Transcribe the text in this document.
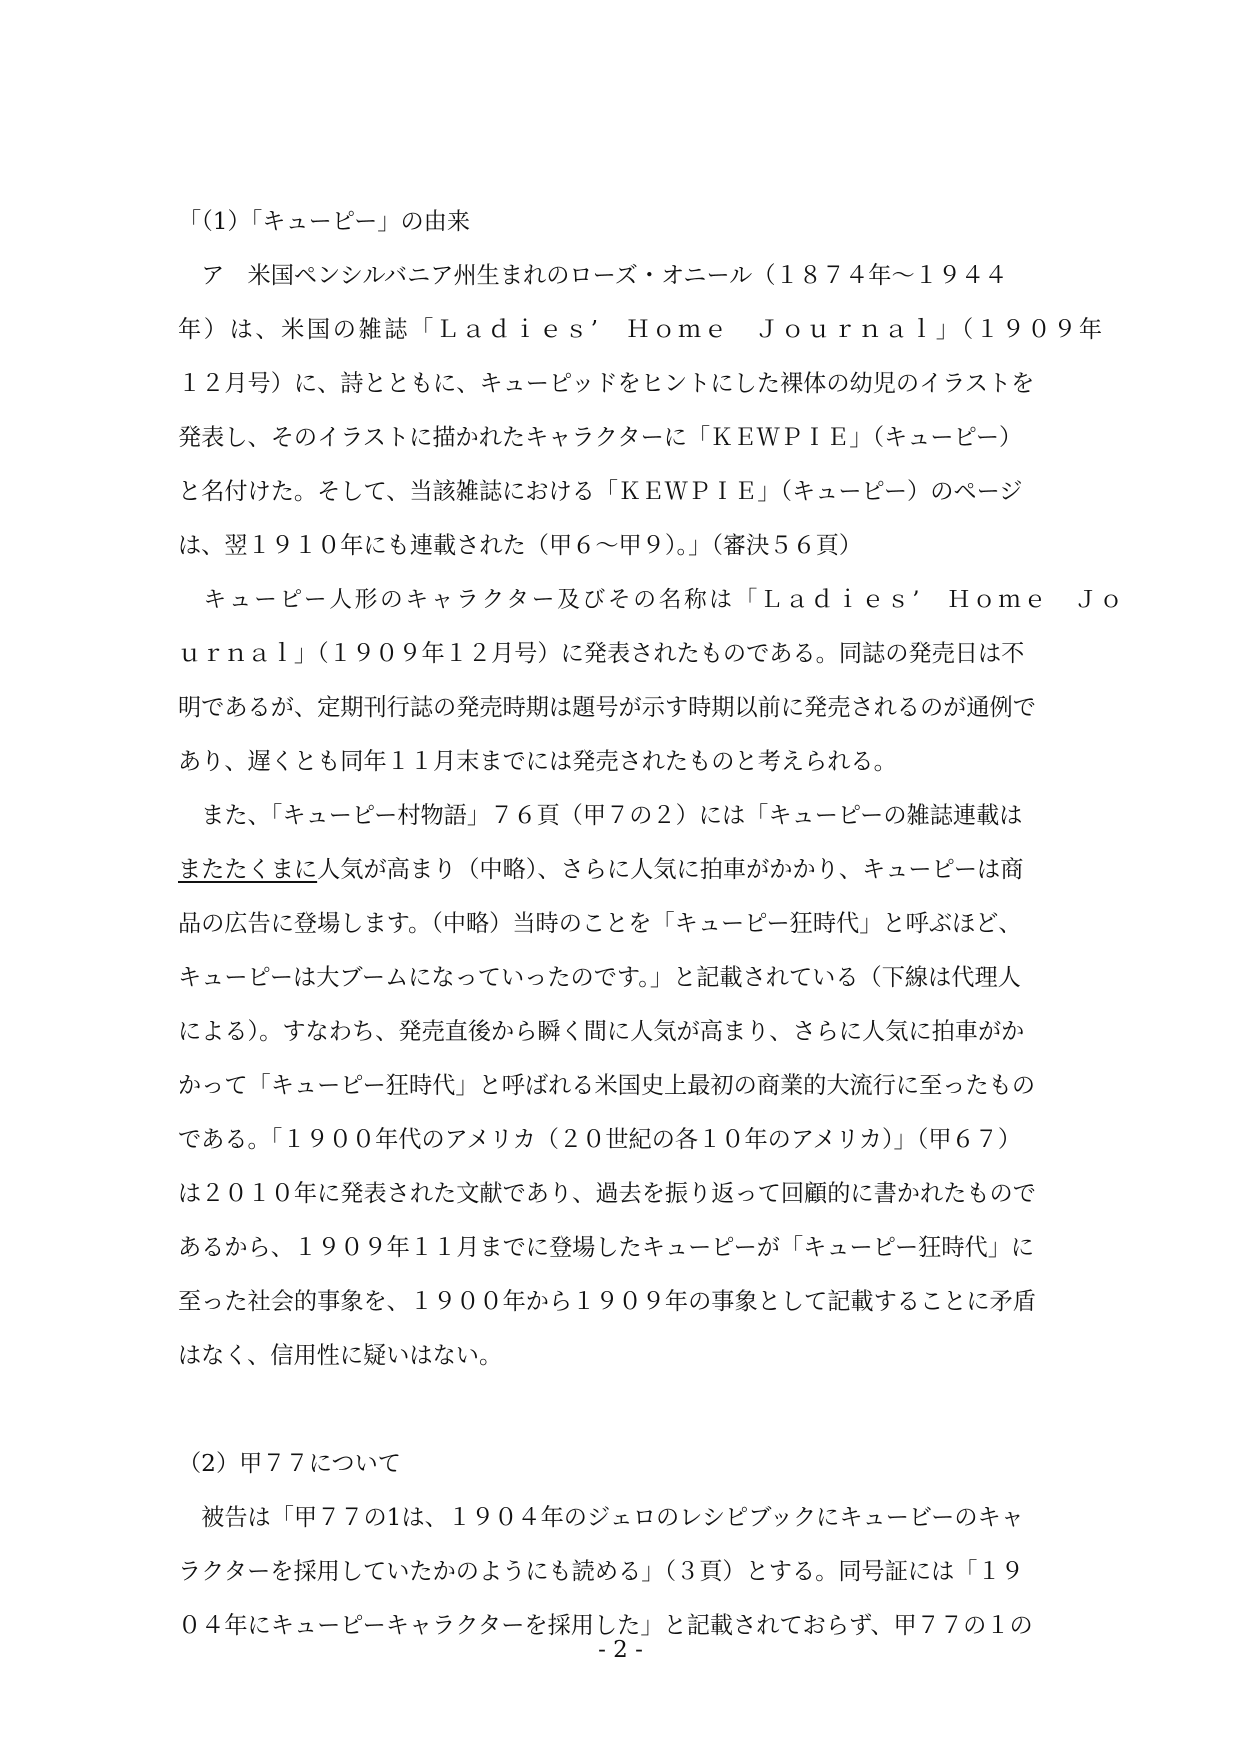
「（1）「キューピー」の由来
　ア　米国ペンシルバニア州生まれのローズ・オニール（１８７４年～１９４４
年）は、米国の雑誌「Ｌａｄｉｅｓ’　Ｈｏｍｅ　Ｊｏｕｒｎａｌ」（１９０９年
１２月号）に、詩とともに、キューピッドをヒントにした裸体の幼児のイラストを
発表し、そのイラストに描かれたキャラクターに「ＫＥＷＰＩＥ」（キューピー）
と名付けた。そして、当該雑誌における「ＫＥＷＰＩＥ」（キューピー）のページ
は、翌１９１０年にも連載された（甲６～甲９）。」（審決５６頁）
　キューピー人形のキャラクター及びその名称は「Ｌａｄｉｅｓ’　Ｈｏｍｅ　Ｊｏ
ｕｒｎａｌ」（１９０９年１２月号）に発表されたものである。同誌の発売日は不
明であるが、定期刊行誌の発売時期は題号が示す時期以前に発売されるのが通例で
あり、遅くとも同年１１月末までには発売されたものと考えられる。
　また、「キューピー村物語」７６頁（甲７の２）には「キューピーの雑誌連載は
またたくまに人気が高まり（中略）、さらに人気に拍車がかかり、キューピーは商
品の広告に登場します。（中略）当時のことを「キューピー狂時代」と呼ぶほど、
キューピーは大ブームになっていったのです。」と記載されている（下線は代理人
による）。すなわち、発売直後から瞬く間に人気が高まり、さらに人気に拍車がか
かって「キューピー狂時代」と呼ばれる米国史上最初の商業的大流行に至ったもの
である。「１９００年代のアメリカ（２０世紀の各１０年のアメリカ）」（甲６７）
は２０１０年に発表された文献であり、過去を振り返って回顧的に書かれたもので
あるから、１９０９年１１月までに登場したキューピーが「キューピー狂時代」に
至った社会的事象を、１９００年から１９０９年の事象として記載することに矛盾
はなく、信用性に疑いはない。
（2）甲７７について
　被告は「甲７７の1は、１９０４年のジェロのレシピブックにキュービーのキャ
ラクターを採用していたかのようにも読める」（３頁）とする。同号証には「１９
０４年にキューピーキャラクターを採用した」と記載されておらず、甲７７の１の
- 2 -
